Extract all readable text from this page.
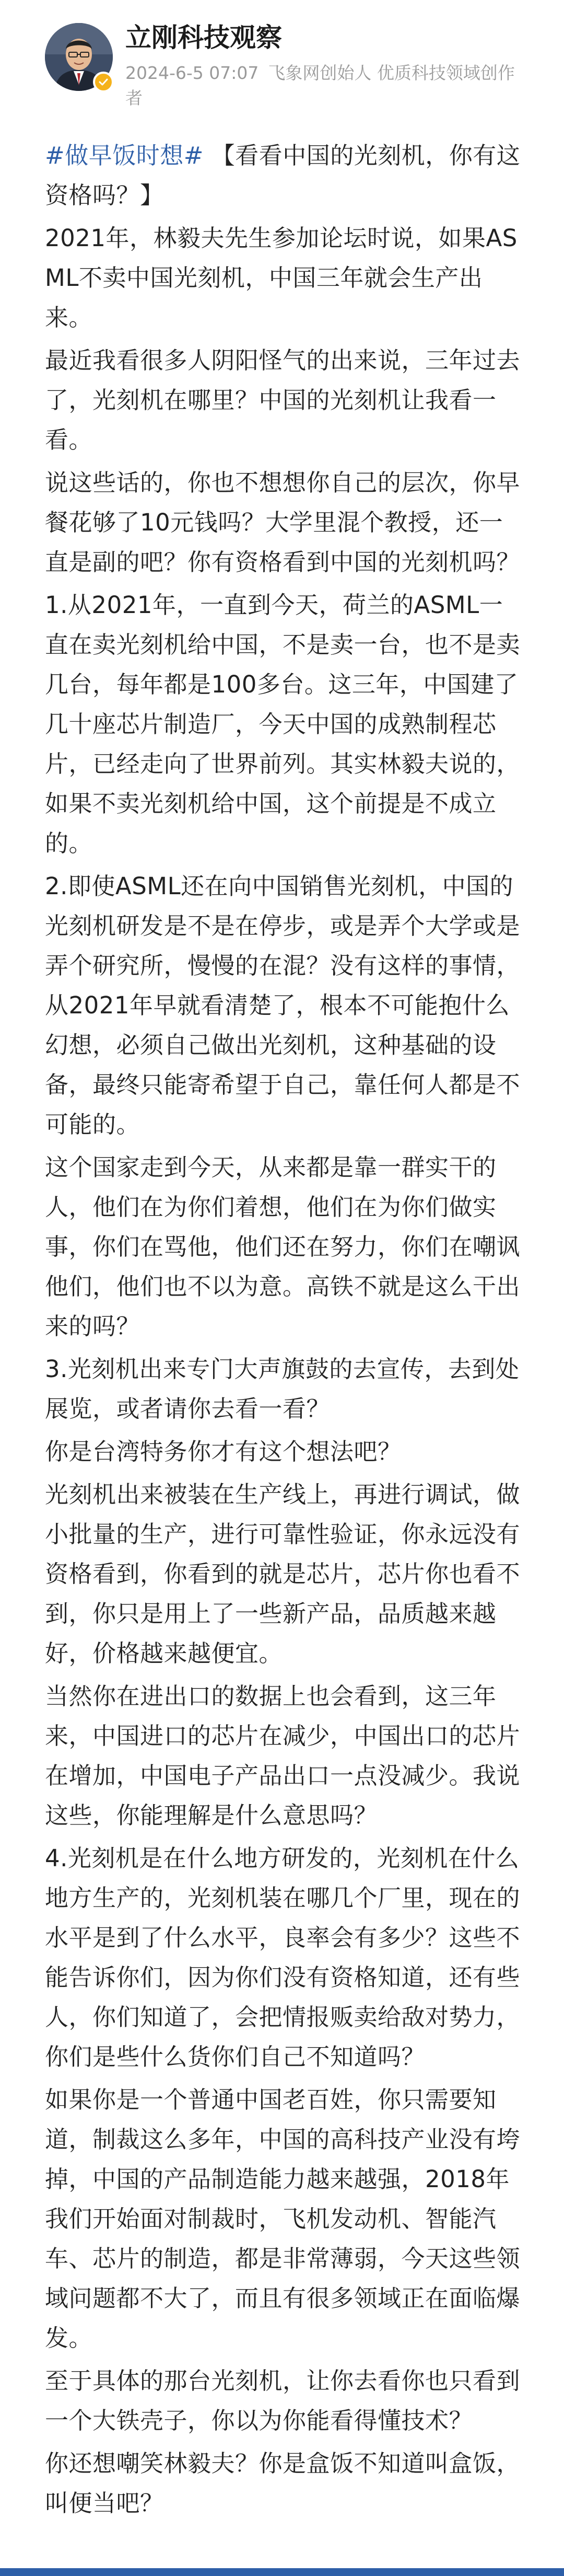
立刚科技观察
2024-6-5 07:07 飞象网创始人 优质科技领域创作者

#做早饭时想# 【看看中国的光刻机，你有这资格吗？】

2021年，林毅夫先生参加论坛时说，如果ASML不卖中国光刻机，中国三年就会生产出来。

最近我看很多人阴阳怪气的出来说，三年过去了，光刻机在哪里？中国的光刻机让我看一看。

说这些话的，你也不想想你自己的层次，你早餐花够了10元钱吗？大学里混个教授，还一直是副的吧？你有资格看到中国的光刻机吗？

1.从2021年，一直到今天，荷兰的ASML一直在卖光刻机给中国，不是卖一台，也不是卖几台，每年都是100多台。这三年，中国建了几十座芯片制造厂，今天中国的成熟制程芯片，已经走向了世界前列。其实林毅夫说的，如果不卖光刻机给中国，这个前提是不成立的。

2.即使ASML还在向中国销售光刻机，中国的光刻机研发是不是在停步，或是弄个大学或是弄个研究所，慢慢的在混？没有这样的事情，从2021年早就看清楚了，根本不可能抱什么幻想，必须自己做出光刻机，这种基础的设备，最终只能寄希望于自己，靠任何人都是不可能的。

这个国家走到今天，从来都是靠一群实干的人，他们在为你们着想，他们在为你们做实事，你们在骂他，他们还在努力，你们在嘲讽他们，他们也不以为意。高铁不就是这么干出来的吗？

3.光刻机出来专门大声旗鼓的去宣传，去到处展览，或者请你去看一看？

你是台湾特务你才有这个想法吧？

光刻机出来被装在生产线上，再进行调试，做小批量的生产，进行可靠性验证，你永远没有资格看到，你看到的就是芯片，芯片你也看不到，你只是用上了一些新产品，品质越来越好，价格越来越便宜。

当然你在进出口的数据上也会看到，这三年来，中国进口的芯片在减少，中国出口的芯片在增加，中国电子产品出口一点没减少。我说这些，你能理解是什么意思吗？

4.光刻机是在什么地方研发的，光刻机在什么地方生产的，光刻机装在哪几个厂里，现在的水平是到了什么水平，良率会有多少？这些不能告诉你们，因为你们没有资格知道，还有些人，你们知道了，会把情报贩卖给敌对势力，你们是些什么货你们自己不知道吗？

如果你是一个普通中国老百姓，你只需要知道，制裁这么多年，中国的高科技产业没有垮掉，中国的产品制造能力越来越强，2018年我们开始面对制裁时，飞机发动机、智能汽车、芯片的制造，都是非常薄弱，今天这些领域问题都不大了，而且有很多领域正在面临爆发。

至于具体的那台光刻机，让你去看你也只看到一个大铁壳子，你以为你能看得懂技术？

你还想嘲笑林毅夫？你是盒饭不知道叫盒饭，叫便当吧？
